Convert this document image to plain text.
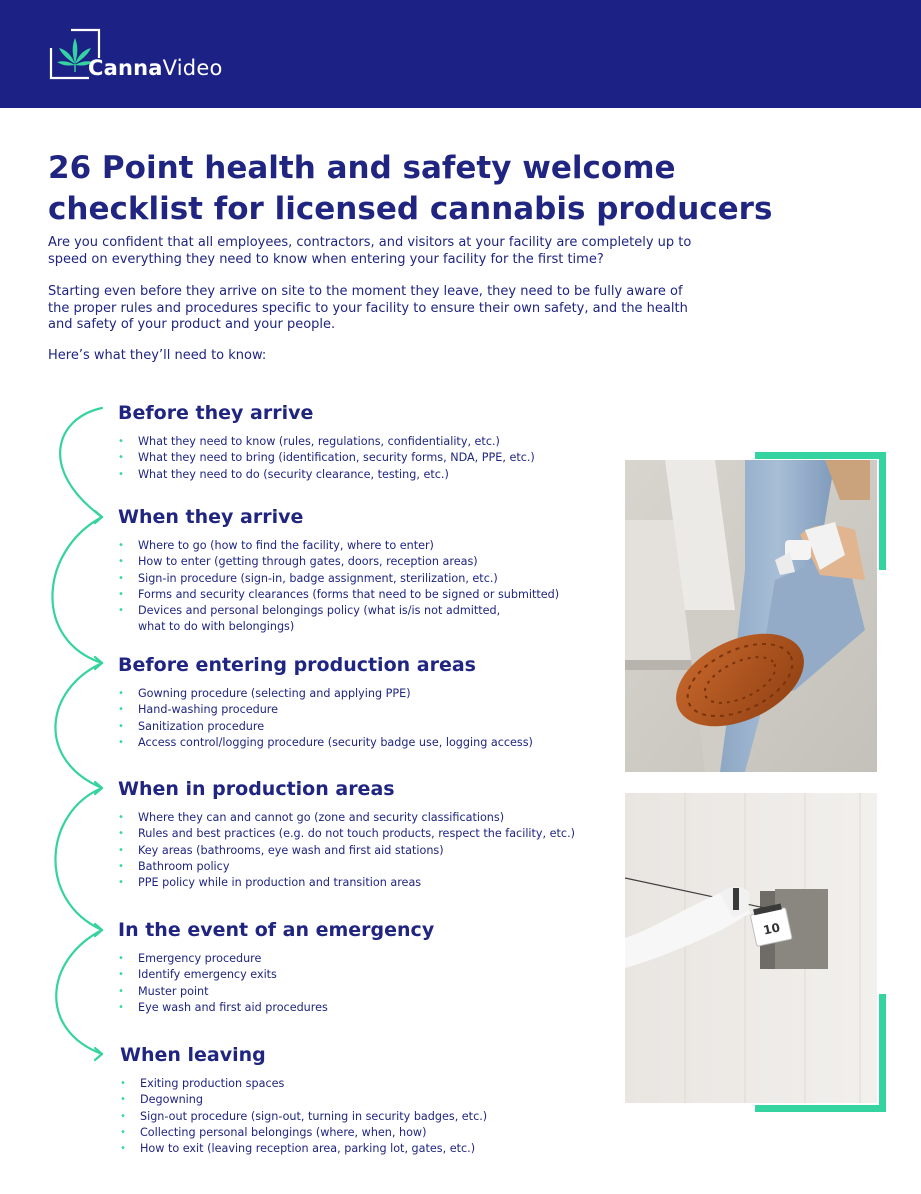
CannaVideo
26 Point health and safety welcome checklist for licensed cannabis producers

Are you confident that all employees, contractors, and visitors at your facility are completely up to speed on everything they need to know when entering your facility for the first time?

Starting even before they arrive on site to the moment they leave, they need to be fully aware of the proper rules and procedures specific to your facility to ensure their own safety, and the health and safety of your product and your people.

Here’s what they’ll need to know:

Before they arrive
• What they need to know (rules, regulations, confidentiality, etc.)
• What they need to bring (identification, security forms, NDA, PPE, etc.)
• What they need to do (security clearance, testing, etc.)
When they arrive
• Where to go (how to find the facility, where to enter)
• How to enter (getting through gates, doors, reception areas)
• Sign-in procedure (sign-in, badge assignment, sterilization, etc.)
• Forms and security clearances (forms that need to be signed or submitted)
• Devices and personal belongings policy (what is/is not admitted,
what to do with belongings)
Before entering production areas
• Gowning procedure (selecting and applying PPE)
• Hand-washing procedure
• Sanitization procedure
• Access control/logging procedure (security badge use, logging access)
When in production areas
• Where they can and cannot go (zone and security classifications)
• Rules and best practices (e.g. do not touch products, respect the facility, etc.)
• Key areas (bathrooms, eye wash and first aid stations)
• Bathroom policy
• PPE policy while in production and transition areas
In the event of an emergency
• Emergency procedure
• Identify emergency exits
• Muster point
• Eye wash and first aid procedures
When leaving
• Exiting production spaces
• Degowning
• Sign-out procedure (sign-out, turning in security badges, etc.)
• Collecting personal belongings (where, when, how)
• How to exit (leaving reception area, parking lot, gates, etc.)
10
